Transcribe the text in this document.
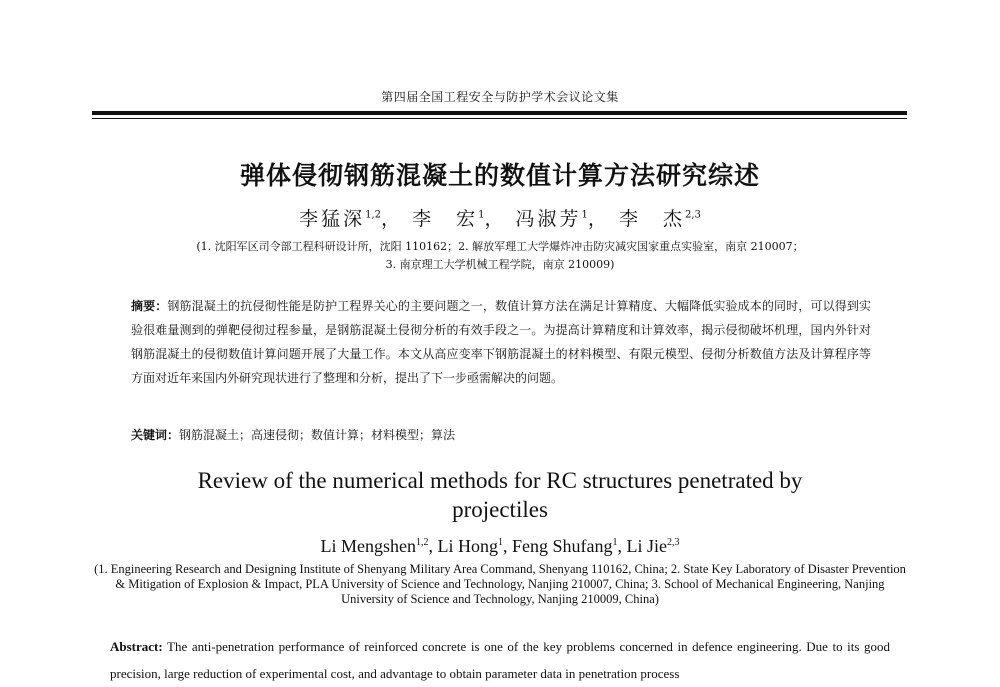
第四届全国工程安全与防护学术会议论文集
弹体侵彻钢筋混凝土的数值计算方法研究综述
李猛深$^{1,2}$， 李　宏$^1$， 冯淑芳$^1$， 李　杰$^{2,3}$
(1. 沈阳军区司令部工程科研设计所，沈阳 110162；2. 解放军理工大学爆炸冲击防灾减灾国家重点实验室，南京 210007；
3. 南京理工大学机械工程学院，南京 210009)
摘要：钢筋混凝土的抗侵彻性能是防护工程界关心的主要问题之一，数值计算方法在满足计算精度、大幅降低实验成本的同时，可以得到实验很难量测到的弹靶侵彻过程参量，是钢筋混凝土侵彻分析的有效手段之一。为提高计算精度和计算效率，揭示侵彻破坏机理，国内外针对钢筋混凝土的侵彻数值计算问题开展了大量工作。本文从高应变率下钢筋混凝土的材料模型、有限元模型、侵彻分析数值方法及计算程序等方面对近年来国内外研究现状进行了整理和分析，提出了下一步亟需解决的问题。
关键词：钢筋混凝土；高速侵彻；数值计算；材料模型；算法
Review of the numerical methods for RC structures penetrated by projectiles
Li Mengshen$^{1,2}$, Li Hong$^1$, Feng Shufang$^1$, Li Jie$^{2,3}$
(1. Engineering Research and Designing Institute of Shenyang Military Area Command, Shenyang 110162, China; 2. State Key Laboratory of Disaster Prevention & Mitigation of Explosion & Impact, PLA University of Science and Technology, Nanjing 210007, China; 3. School of Mechanical Engineering, Nanjing University of Science and Technology, Nanjing 210009, China)
Abstract: The anti-penetration performance of reinforced concrete is one of the key problems concerned in defence engineering. Due to its good precision, large reduction of experimental cost, and advantage to obtain parameter data in penetration process
